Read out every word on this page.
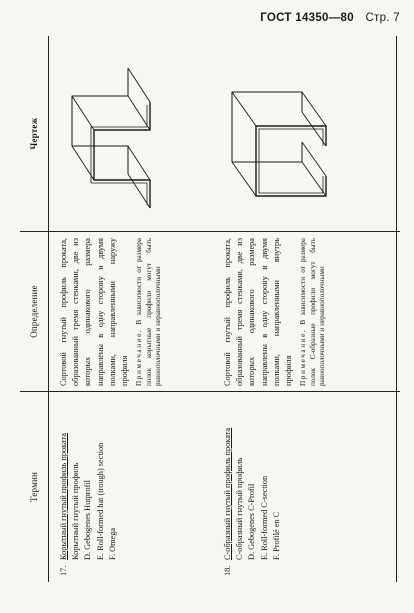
ГОСТ 14350—80 Стр. 7
Термин
Определение
Чертеж
17.
Корытный гнутый профиль проката Корытный гнутый профиль D. Gebogenes Hutprofil E. Roll-formed hat (trough) section F. Omega
Сортовой гнутый профиль проката, образованный тремя стенками, две из которых одинакового размера направлены в одну сторону и двумя полками, направленными наружу профиля Примечание. В зависимости от размера полок корытные профили могут быть равнополочными и неравнополочными
18.
С-образный гнутый профиль проката С-образный гнутый профиль D. Gebogenes C-Profil E. Roll-formed C-section F. Profilé en C
Сортовой гнутый профиль проката, образованный тремя стенками, две из которых одинакового размера направлены в одну сторону и двумя полками, направленными внутрь профиля Примечание. В зависимости от размера полок С-образные профили могут быть равнополочными и неравнополочными
